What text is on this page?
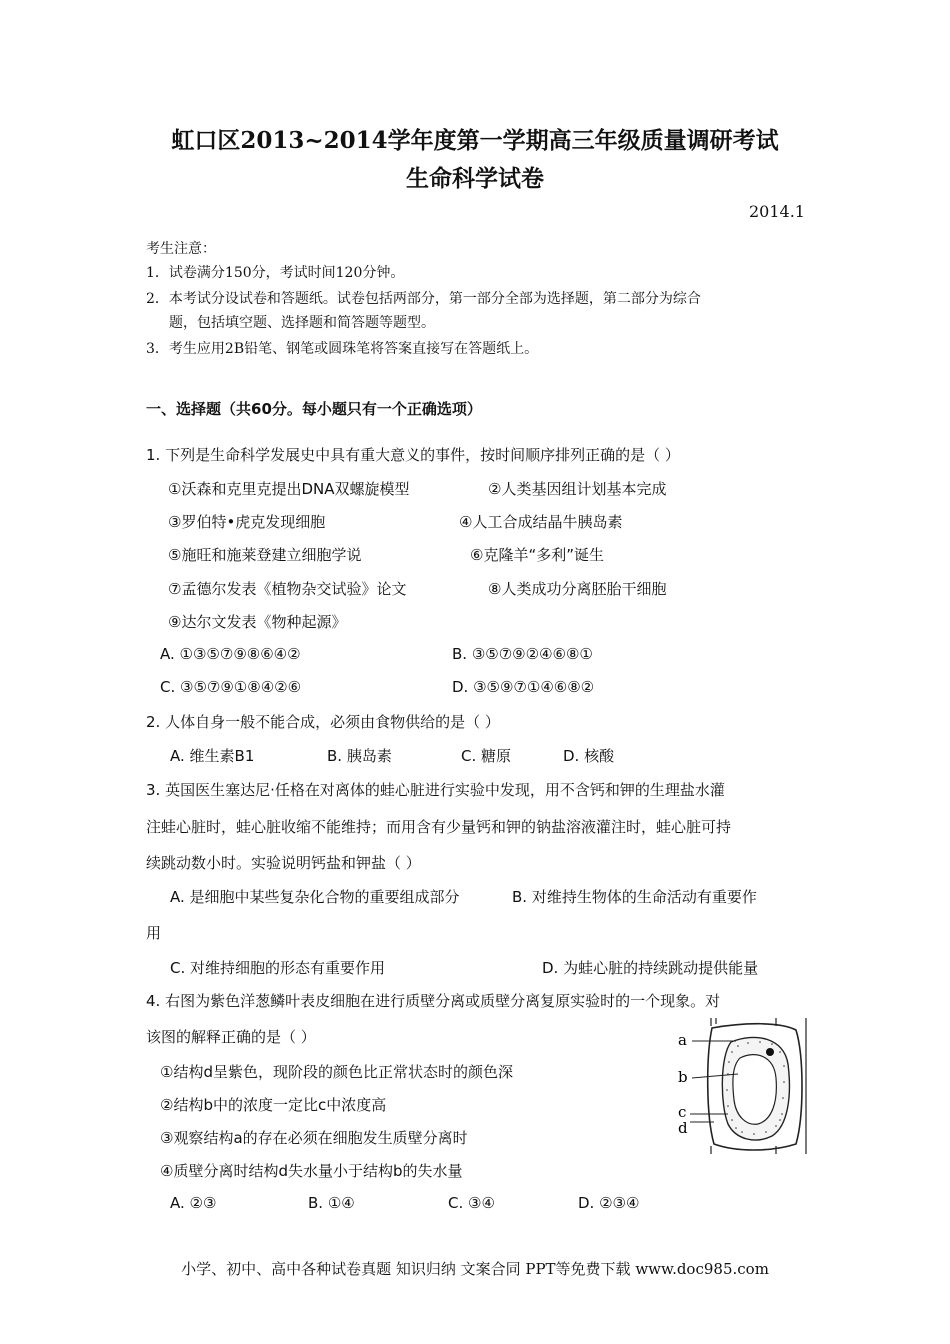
虹口区2013~2014学年度第一学期高三年级质量调研考试
生命科学试卷
2014.1
考生注意：
1．试卷满分150分，考试时间120分钟。
2．本考试分设试卷和答题纸。试卷包括两部分，第一部分全部为选择题，第二部分为综合
题，包括填空题、选择题和简答题等题型。
3．考生应用2B铅笔、钢笔或圆珠笔将答案直接写在答题纸上。
一、选择题（共60分。每小题只有一个正确选项）
1. 下列是生命科学发展史中具有重大意义的事件，按时间顺序排列正确的是（ ）
①沃森和克里克提出DNA双螺旋模型	②人类基因组计划基本完成
③罗伯特•虎克发现细胞	④人工合成结晶牛胰岛素
⑤施旺和施莱登建立细胞学说	⑥克隆羊“多利”诞生
⑦孟德尔发表《植物杂交试验》论文	⑧人类成功分离胚胎干细胞
⑨达尔文发表《物种起源》
A. ①③⑤⑦⑨⑧⑥④②	B. ③⑤⑦⑨②④⑥⑧①
C. ③⑤⑦⑨①⑧④②⑥	D. ③⑤⑨⑦①④⑥⑧②
2. 人体自身一般不能合成，必须由食物供给的是（ ）
A. 维生素B1	B. 胰岛素	C. 糖原	D. 核酸
3. 英国医生塞达尼·任格在对离体的蛙心脏进行实验中发现，用不含钙和钾的生理盐水灌
注蛙心脏时，蛙心脏收缩不能维持；而用含有少量钙和钾的钠盐溶液灌注时，蛙心脏可持
续跳动数小时。实验说明钙盐和钾盐（ ）
A. 是细胞中某些复杂化合物的重要组成部分	B. 对维持生物体的生命活动有重要作
用
C. 对维持细胞的形态有重要作用	D. 为蛙心脏的持续跳动提供能量
4. 右图为紫色洋葱鳞叶表皮细胞在进行质壁分离或质壁分离复原实验时的一个现象。对
该图的解释正确的是（ ）
①结构d呈紫色，现阶段的颜色比正常状态时的颜色深
②结构b中的浓度一定比c中浓度高
③观察结构a的存在必须在细胞发生质壁分离时
④质壁分离时结构d失水量小于结构b的失水量
A. ②③	B. ①④	C. ③④	D. ②③④
a
b
c
d
小学、初中、高中各种试卷真题 知识归纳 文案合同 PPT等免费下载 www.doc985.com
